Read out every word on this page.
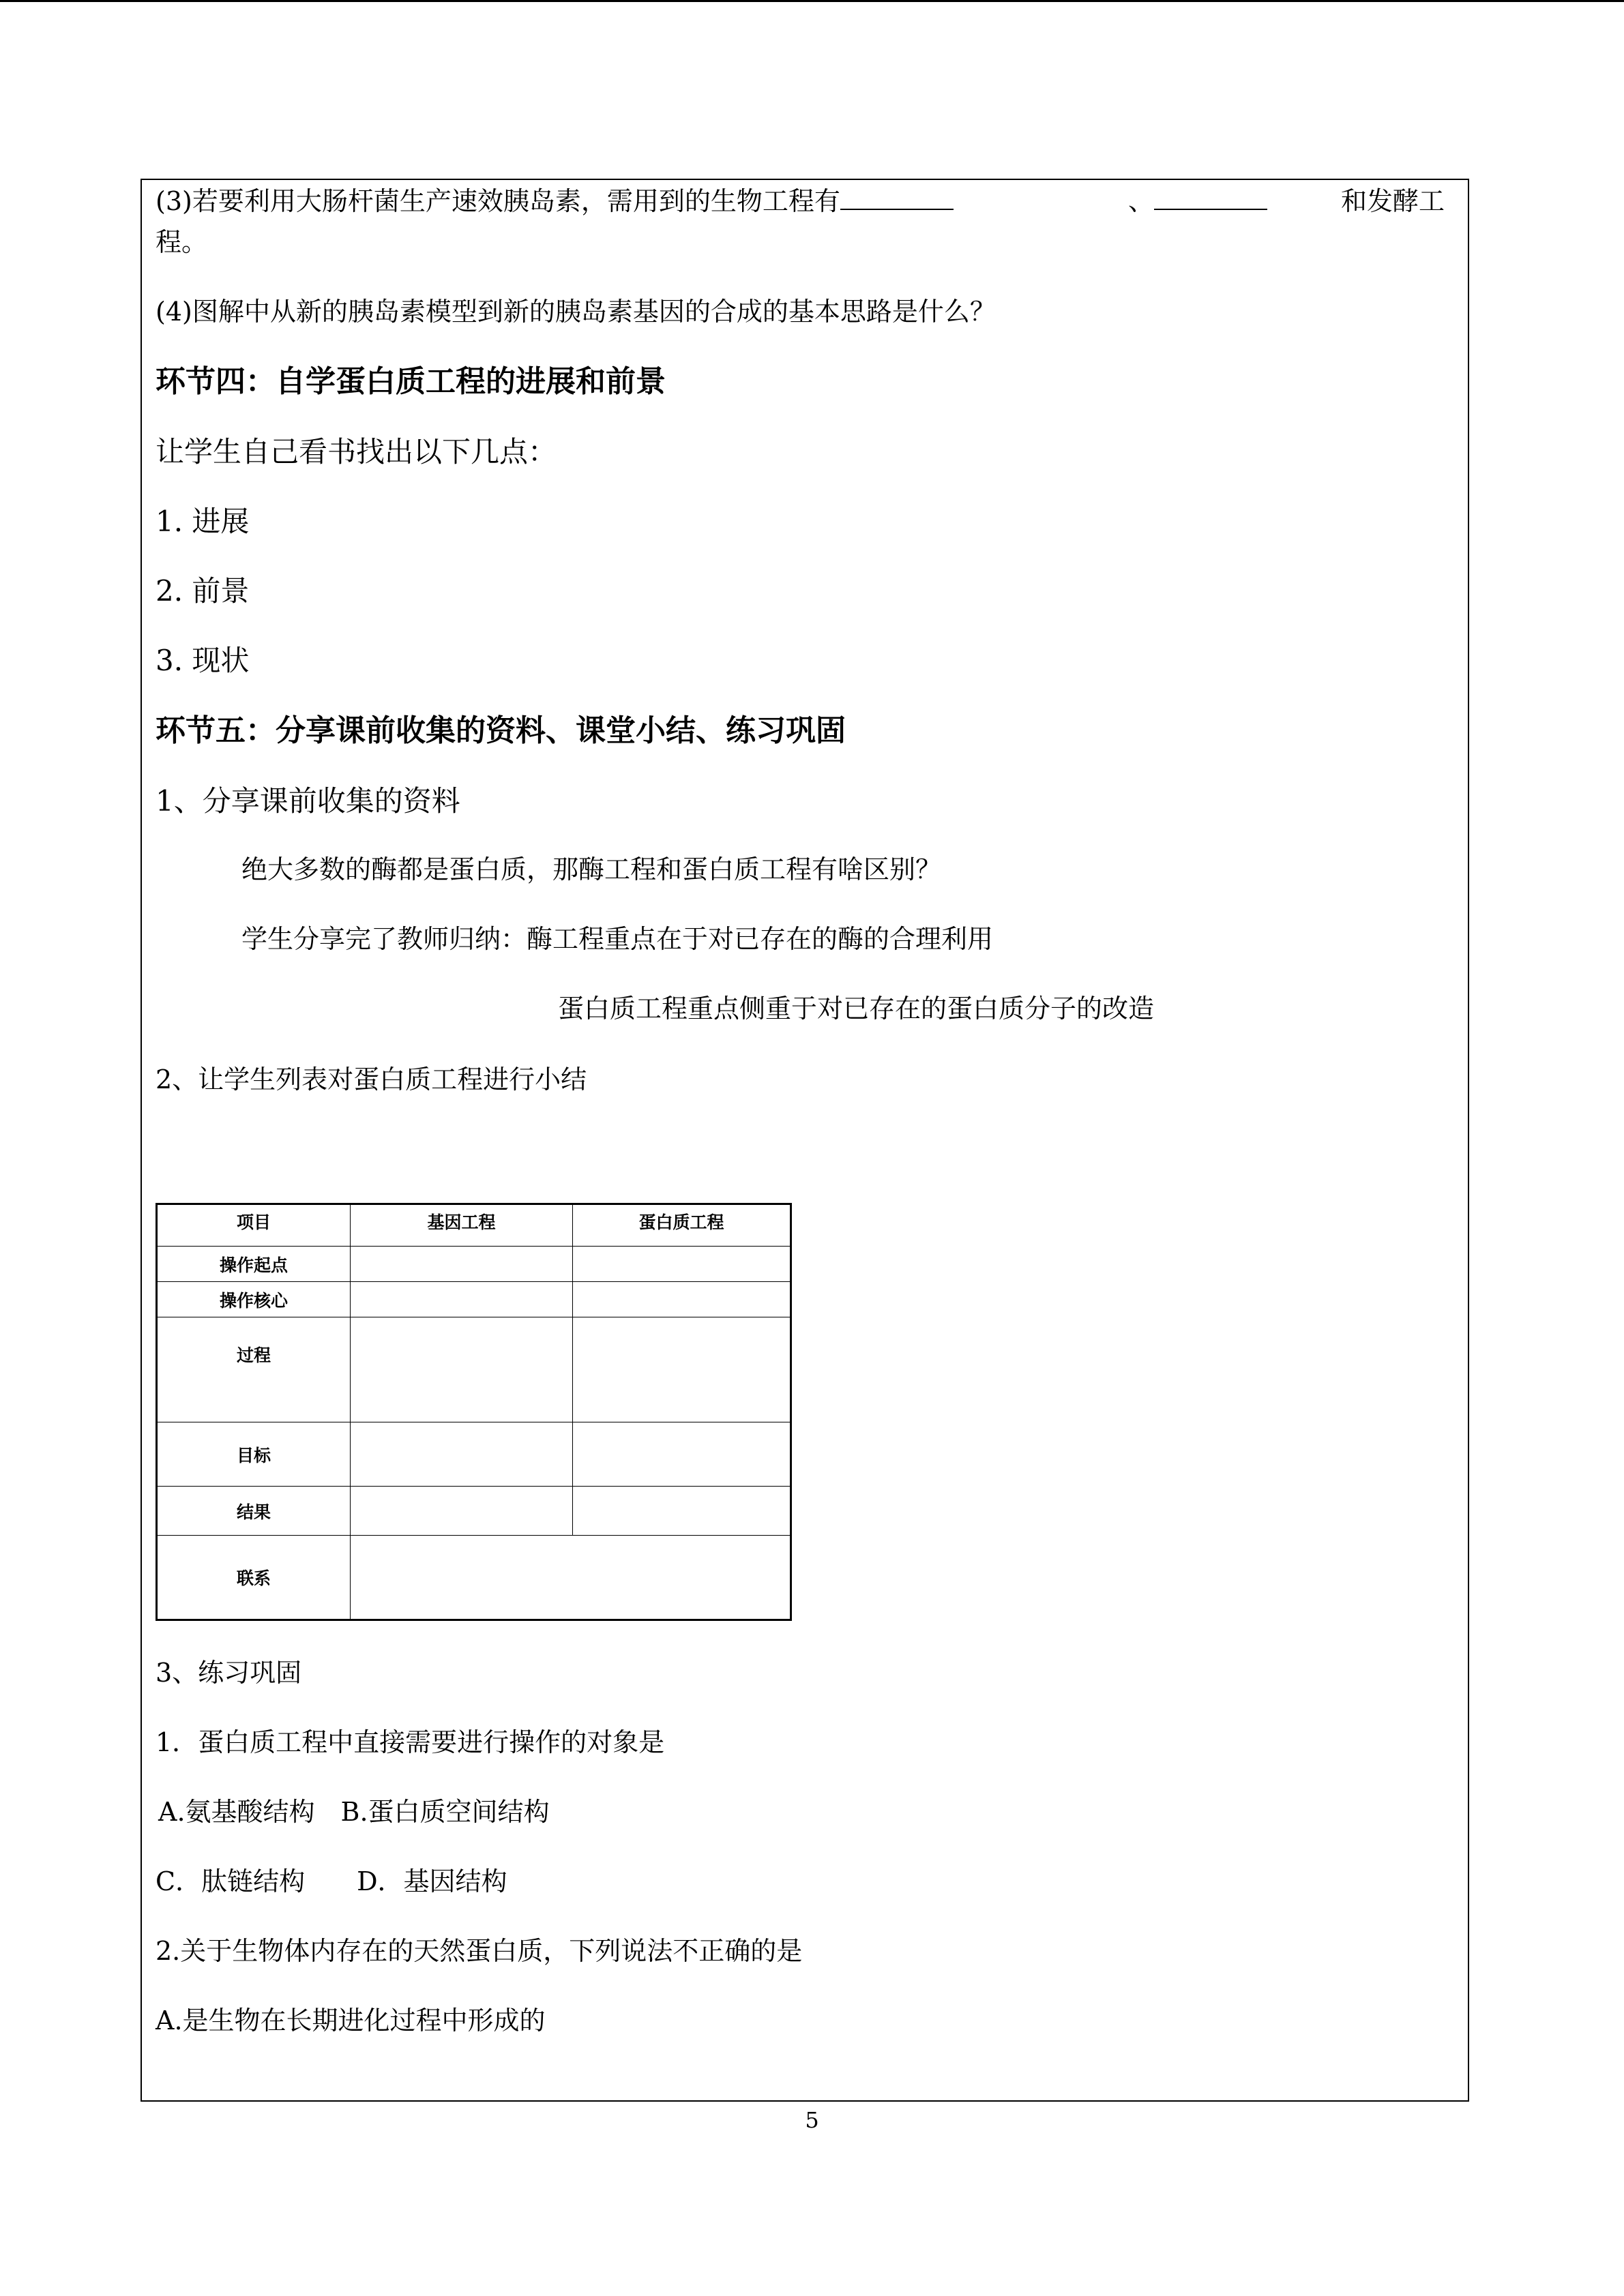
(3)若要利用大肠杆菌生产速效胰岛素，需用到的生物工程有	、	和发酵工
程。
(4)图解中从新的胰岛素模型到新的胰岛素基因的合成的基本思路是什么？
环节四：自学蛋白质工程的进展和前景
让学生自己看书找出以下几点：
1. 进展
2. 前景
3. 现状
环节五：分享课前收集的资料、课堂小结、练习巩固
1、分享课前收集的资料
绝大多数的酶都是蛋白质，那酶工程和蛋白质工程有啥区别？
学生分享完了教师归纳：酶工程重点在于对已存在的酶的合理利用
蛋白质工程重点侧重于对已存在的蛋白质分子的改造
2、让学生列表对蛋白质工程进行小结
项目	基因工程	蛋白质工程
操作起点		
操作核心		
过程		
目标		
结果		
联系		
3、练习巩固
1．蛋白质工程中直接需要进行操作的对象是
A.氨基酸结构　B.蛋白质空间结构
C．肽链结构　　D．基因结构
2.关于生物体内存在的天然蛋白质，下列说法不正确的是
A.是生物在长期进化过程中形成的
5
